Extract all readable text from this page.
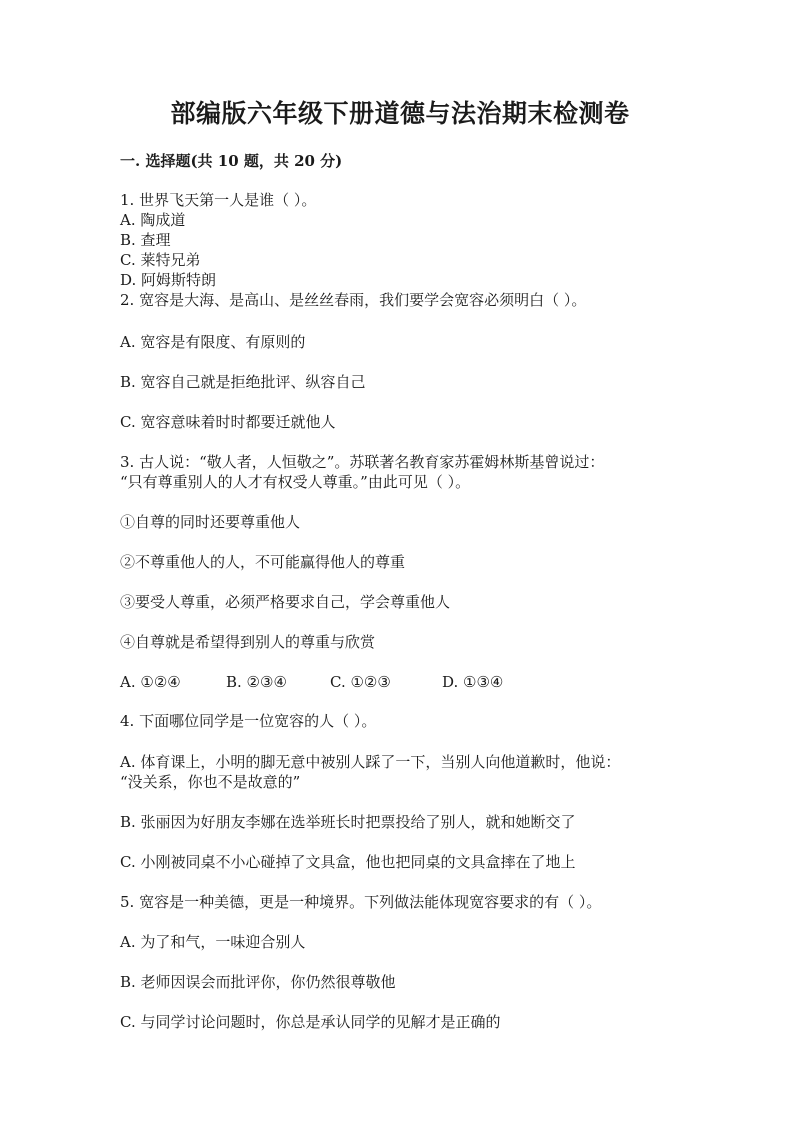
部编版六年级下册道德与法治期末检测卷
一. 选择题(共 10 题，共 20 分)
1. 世界飞天第一人是谁（ ）。
A. 陶成道
B. 查理
C. 莱特兄弟
D. 阿姆斯特朗
2. 宽容是大海、是高山、是丝丝春雨，我们要学会宽容必须明白（ ）。
A. 宽容是有限度、有原则的
B. 宽容自己就是拒绝批评、纵容自己
C. 宽容意味着时时都要迁就他人
3. 古人说：“敬人者，人恒敬之”。苏联著名教育家苏霍姆林斯基曾说过：
“只有尊重别人的人才有权受人尊重。”由此可见（ ）。
①自尊的同时还要尊重他人
②不尊重他人的人，不可能赢得他人的尊重
③要受人尊重，必须严格要求自己，学会尊重他人
④自尊就是希望得到别人的尊重与欣赏
A. ①②④	B. ②③④	C. ①②③	D. ①③④
4. 下面哪位同学是一位宽容的人（ ）。
A. 体育课上，小明的脚无意中被别人踩了一下，当别人向他道歉时，他说：
“没关系，你也不是故意的”
B. 张丽因为好朋友李娜在选举班长时把票投给了别人，就和她断交了
C. 小刚被同桌不小心碰掉了文具盒，他也把同桌的文具盒摔在了地上
5. 宽容是一种美德，更是一种境界。下列做法能体现宽容要求的有（ ）。
A. 为了和气，一味迎合别人
B. 老师因误会而批评你，你仍然很尊敬他
C. 与同学讨论问题时，你总是承认同学的见解才是正确的
